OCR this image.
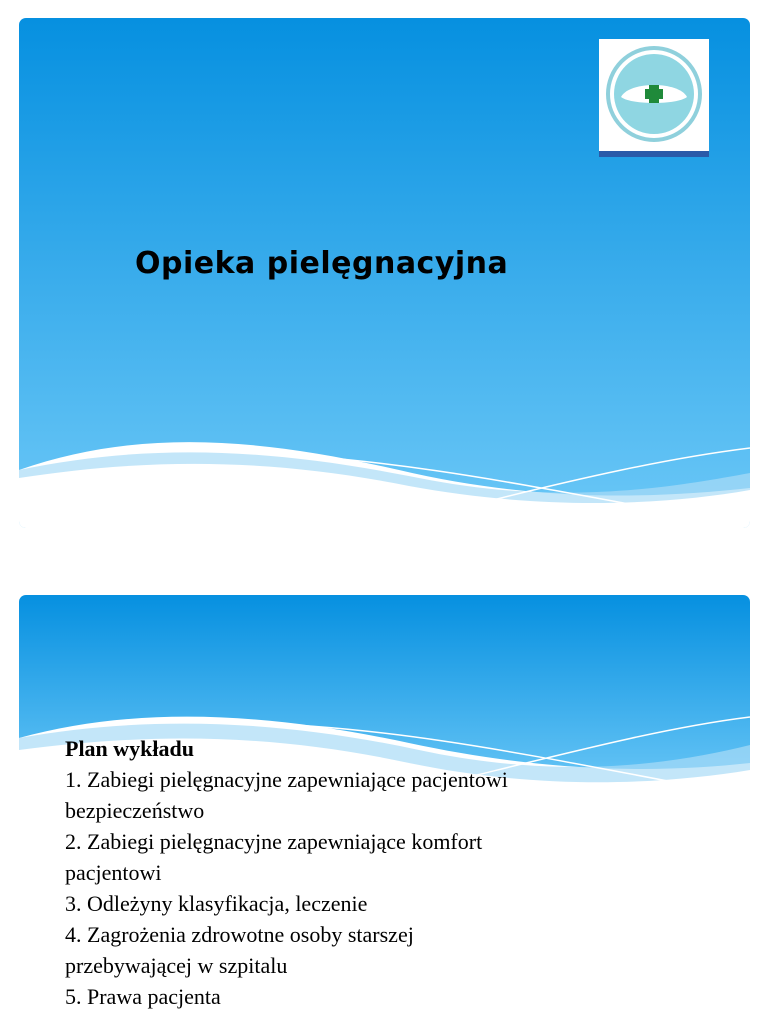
Opieka pielęgnacyjna
Plan wykładu
1. Zabiegi pielęgnacyjne zapewniające pacjentowi
bezpieczeństwo
2. Zabiegi pielęgnacyjne zapewniające komfort
pacjentowi
3. Odleżyny klasyfikacja, leczenie
4. Zagrożenia zdrowotne osoby starszej
przebywającej w szpitalu
5. Prawa pacjenta
